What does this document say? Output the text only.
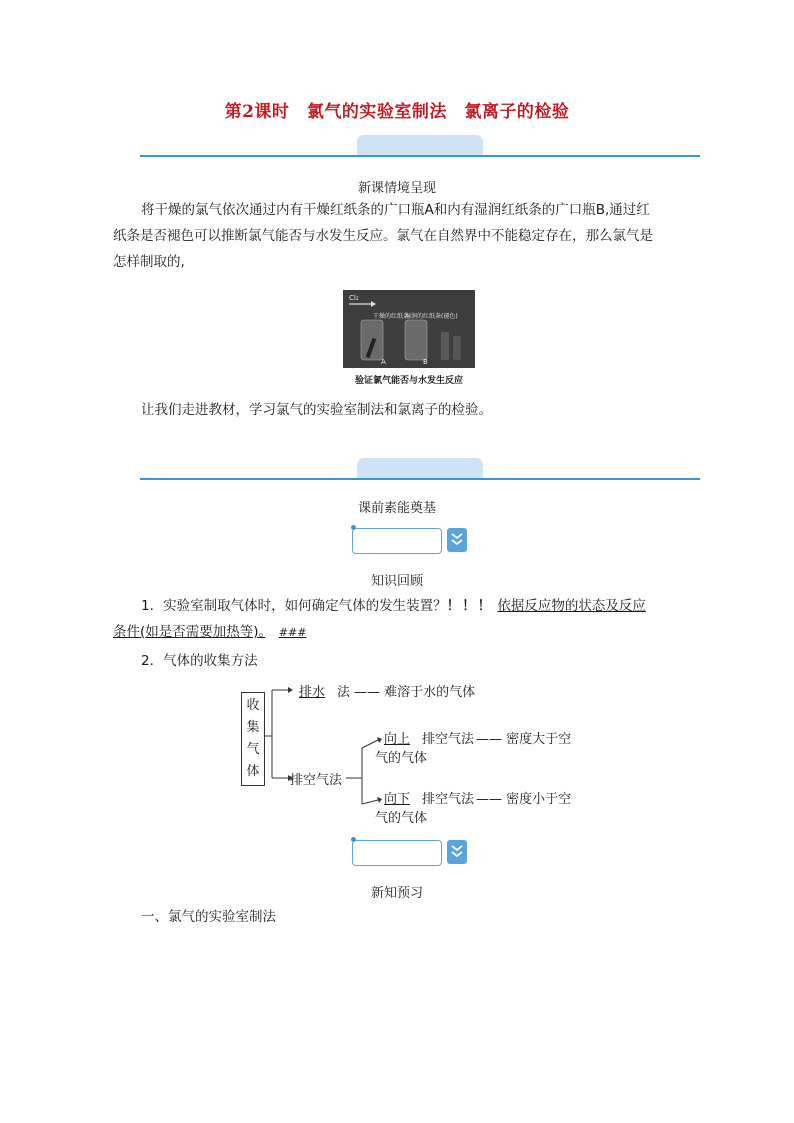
第2课时　氯气的实验室制法　氯离子的检验
新课情境呈现
将干燥的氯气依次通过内有干燥红纸条的广口瓶A和内有湿润红纸条的广口瓶B,通过红
纸条是否褪色可以推断氯气能否与水发生反应。氯气在自然界中不能稳定存在，那么氯气是
怎样制取的,
Cl₂
干燥的红纸条
湿润的红纸条(褪色)
A	B
验证氯气能否与水发生反应
让我们走进教材，学习氯气的实验室制法和氯离子的检验。
课前素能奠基
知识回顾
1．实验室制取气体时，如何确定气体的发生装置？！！！ 依据反应物的状态及反应
条件(如是否需要加热等)。　 ###
2．气体的收集方法
收
集
气
体
排水 法 —— 难溶于水的气体
排空气法
向上 排空气法 —— 密度大于空
气的气体
向下 排空气法 —— 密度小于空
气的气体
新知预习
一、氯气的实验室制法
